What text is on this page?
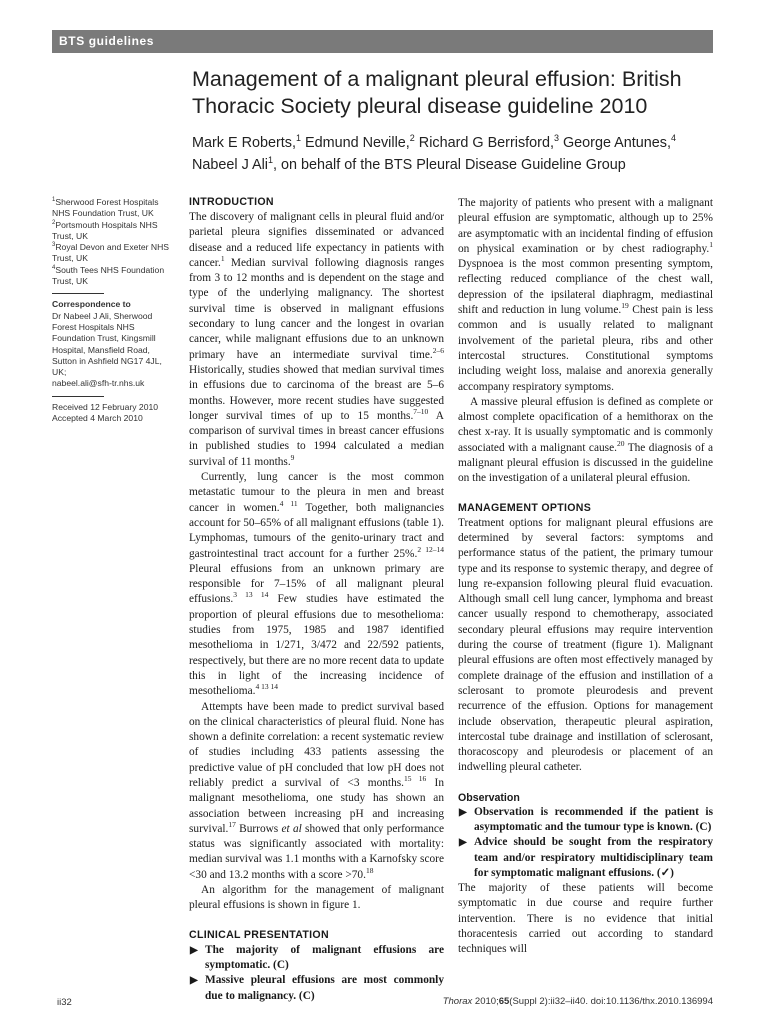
BTS guidelines
Management of a malignant pleural effusion: British Thoracic Society pleural disease guideline 2010
Mark E Roberts,$^1$ Edmund Neville,$^2$ Richard G Berrisford,$^3$ George Antunes,$^4$ Nabeel J Ali$^1$, on behalf of the BTS Pleural Disease Guideline Group

$^1$Sherwood Forest Hospitals NHS Foundation Trust, UK

$^2$Portsmouth Hospitals NHS Trust, UK

$^3$Royal Devon and Exeter NHS Trust, UK

$^4$South Tees NHS Foundation Trust, UK

Correspondence to

Dr Nabeel J Ali, Sherwood

Forest Hospitals NHS

Foundation Trust, Kingsmill

Hospital, Mansfield Road,

Sutton in Ashfield NG17 4JL,

UK;

nabeel.ali@sfh-tr.nhs.uk

Received 12 February 2010

Accepted 4 March 2010

INTRODUCTION

The discovery of malignant cells in pleural fluid and/or parietal pleura signifies disseminated or advanced disease and a reduced life expectancy in patients with cancer.$^1$ Median survival following diagnosis ranges from 3 to 12 months and is dependent on the stage and type of the underlying malignancy. The shortest survival time is observed in malignant effusions secondary to lung cancer and the longest in ovarian cancer, while malignant effusions due to an unknown primary have an intermediate survival time.$^{2-6}$ Historically, studies showed that median survival times in effusions due to carcinoma of the breast are 5–6 months. However, more recent studies have suggested longer survival times of up to 15 months.$^{7-10}$ A comparison of survival times in breast cancer effusions in published studies to 1994 calculated a median survival of 11 months.$^9$

Currently, lung cancer is the most common metastatic tumour to the pleura in men and breast cancer in women.$^{4 11}$ Together, both malignancies account for 50–65% of all malignant effusions (table 1). Lymphomas, tumours of the genito-urinary tract and gastrointestinal tract account for a further 25%.$^{2 12-14}$ Pleural effusions from an unknown primary are responsible for 7–15% of all malignant pleural effusions.$^{3 13 14}$ Few studies have estimated the proportion of pleural effusions due to mesothelioma: studies from 1975, 1985 and 1987 identified mesothelioma in 1/271, 3/472 and 22/592 patients, respectively, but there are no more recent data to update this in light of the increasing incidence of mesothelioma.$^{4 13 14}$

Attempts have been made to predict survival based on the clinical characteristics of pleural fluid. None has shown a definite correlation: a recent systematic review of studies including 433 patients assessing the predictive value of pH concluded that low pH does not reliably predict a survival of <3 months.$^{15 16}$ In malignant mesothelioma, one study has shown an association between increasing pH and increasing survival.$^{17}$ Burrows et al showed that only performance status was significantly associated with mortality: median survival was 1.1 months with a Karnofsky score <30 and 13.2 months with a score >70.18

An algorithm for the management of malignant pleural effusions is shown in figure 1.

CLINICAL PRESENTATION

▶ The majority of malignant effusions are symptomatic. (C)

▶ Massive pleural effusions are most commonly due to malignancy. (C)

The majority of patients who present with a malignant pleural effusion are symptomatic, although up to 25% are asymptomatic with an incidental finding of effusion on physical examination or by chest radiography.$^1$ Dyspnoea is the most common presenting symptom, reflecting reduced compliance of the chest wall, depression of the ipsilateral diaphragm, mediastinal shift and reduction in lung volume.$^{19}$ Chest pain is less common and is usually related to malignant involvement of the parietal pleura, ribs and other intercostal structures. Constitutional symptoms including weight loss, malaise and anorexia generally accompany respiratory symptoms.

A massive pleural effusion is defined as complete or almost complete opacification of a hemithorax on the chest x-ray. It is usually symptomatic and is commonly associated with a malignant cause.$^{20}$ The diagnosis of a malignant pleural effusion is discussed in the guideline on the investigation of a unilateral pleural effusion.

MANAGEMENT OPTIONS

Treatment options for malignant pleural effusions are determined by several factors: symptoms and performance status of the patient, the primary tumour type and its response to systemic therapy, and degree of lung re-expansion following pleural fluid evacuation. Although small cell lung cancer, lymphoma and breast cancer usually respond to chemotherapy, associated secondary pleural effusions may require intervention during the course of treatment (figure 1). Malignant pleural effusions are often most effectively managed by complete drainage of the effusion and instillation of a sclerosant to promote pleurodesis and prevent recurrence of the effusion. Options for management include observation, therapeutic pleural aspiration, intercostal tube drainage and instillation of sclerosant, thoracoscopy and pleurodesis or placement of an indwelling pleural catheter.

Observation

▶ Observation is recommended if the patient is asymptomatic and the tumour type is known. (C)

▶ Advice should be sought from the respiratory team and/or respiratory multidisciplinary team for symptomatic malignant effusions. (✓)

The majority of these patients will become symptomatic in due course and require further intervention. There is no evidence that initial thoracentesis carried out according to standard techniques will

ii32	Thorax 2010;65(Suppl 2):ii32–ii40. doi:10.1136/thx.2010.136994
